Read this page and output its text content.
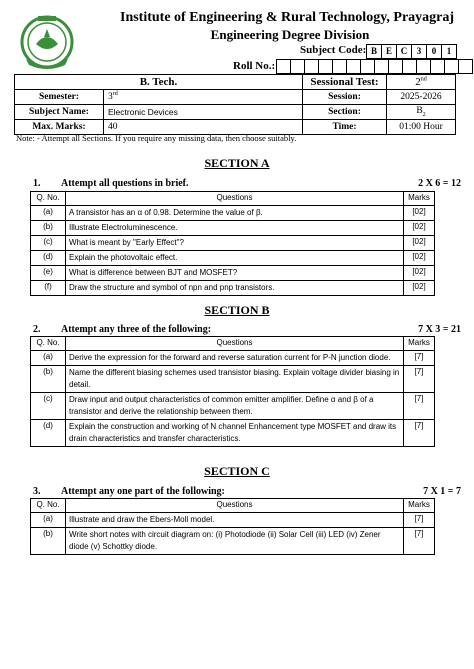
Institute of Engineering & Rural Technology, Prayagraj
Engineering Degree Division
Subject Code: B E C	3	0	1
Roll No.:
B. Tech.		Sessional Test:	2nd
Semester:	3rd	Session:	2025-2026
Subject Name:	Electronic Devices	Section:	$B_2$
Max. Marks:	40	Time:	01:00 Hour
Note: - Attempt all Sections. If you require any missing data, then choose suitably.
SECTION A
1. Attempt all questions in brief.	2 X 6 = 12
Q. No.	Questions	Marks
(a)	A transistor has an α of 0.98. Determine the value of β.	[02]
(b)	Illustrate Electroluminescence.	[02]
(c)	What is meant by "Early Effect"?	[02]
(d)	Explain the photovoltaic effect.	[02]
(e)	What is difference between BJT and MOSFET?	[02]
(f)	Draw the structure and symbol of npn and pnp transistors.	[02]
SECTION B
2. Attempt any three of the following:	7 X 3 = 21
Q. No.	Questions	Marks
(a)	Derive the expression for the forward and reverse saturation current for P-N junction diode.	[7]
(b)	Name the different biasing schemes used transistor biasing. Explain voltage divider biasing in detail.	[7]
(c)	Draw input and output characteristics of common emitter amplifier. Define α and β of a transistor and derive the relationship between them.	[7]
(d)	Explain the construction and working of N channel Enhancement type MOSFET and draw its drain characteristics and transfer characteristics.	[7]
SECTION C
3. Attempt any one part of the following:	7 X 1 = 7
Q. No.	Questions	Marks
(a)	Illustrate and draw the Ebers-Moll model.	[7]
(b)	Write short notes with circuit diagram on: (i) Photodiode (ii) Solar Cell (iii) LED (iv) Zener diode (v) Schottky diode.	[7]
